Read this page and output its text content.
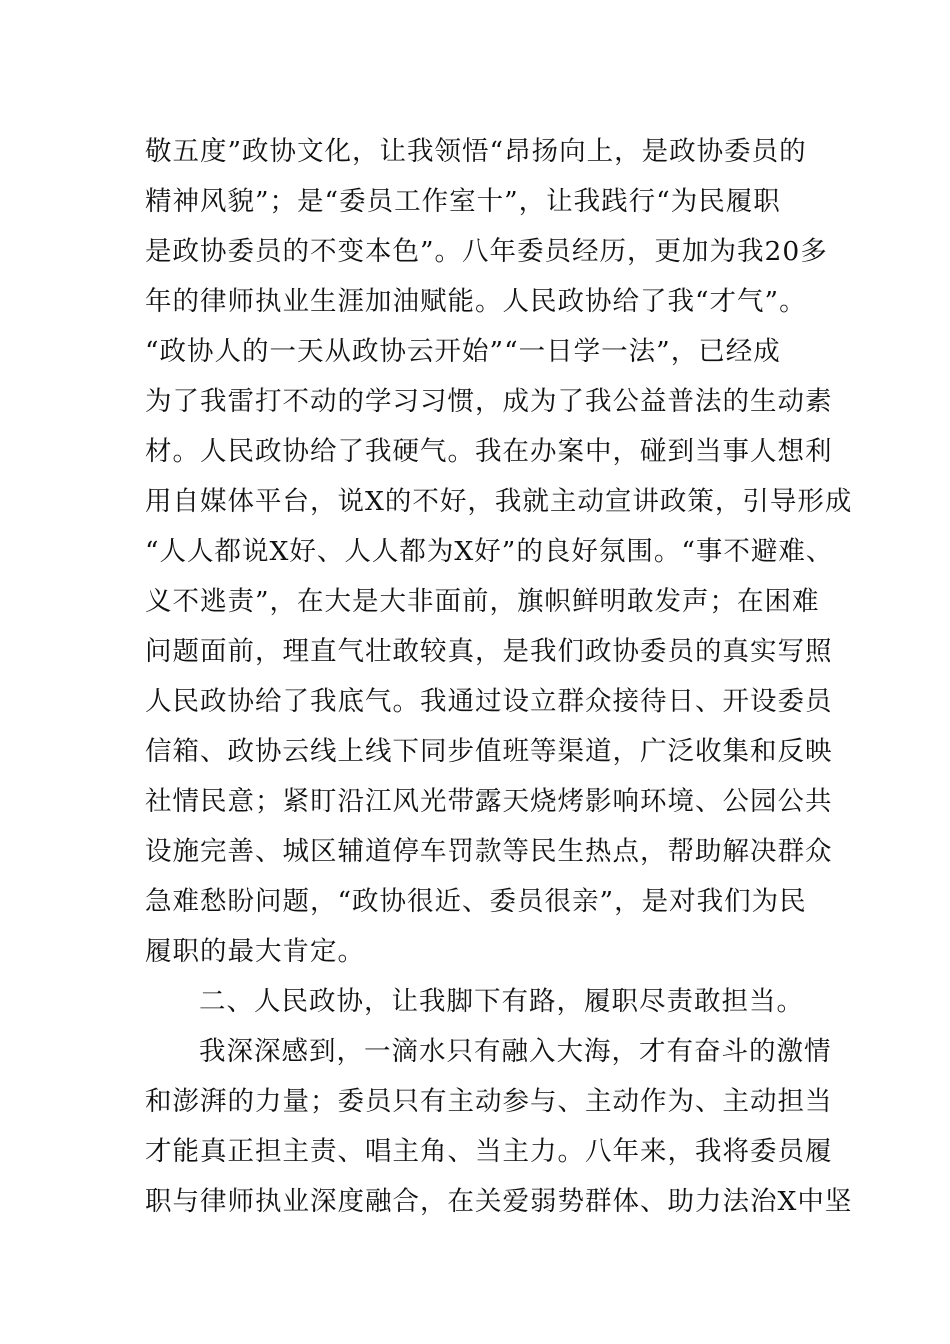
敬五度”政协文化，让我领悟“昂扬向上，是政协委员的
精神风貌”；是“委员工作室十”，让我践行“为民履职
是政协委员的不变本色”。八年委员经历，更加为我20多
年的律师执业生涯加油赋能。人民政协给了我“才气”。
“政协人的一天从政协云开始”“一日学一法”，已经成
为了我雷打不动的学习习惯，成为了我公益普法的生动素
材。人民政协给了我硬气。我在办案中，碰到当事人想利
用自媒体平台，说X的不好，我就主动宣讲政策，引导形成
“人人都说X好、人人都为X好”的良好氛围。“事不避难、
义不逃责”，在大是大非面前，旗帜鲜明敢发声；在困难
问题面前，理直气壮敢较真，是我们政协委员的真实写照
人民政协给了我底气。我通过设立群众接待日、开设委员
信箱、政协云线上线下同步值班等渠道，广泛收集和反映
社情民意；紧盯沿江风光带露天烧烤影响环境、公园公共
设施完善、城区辅道停车罚款等民生热点，帮助解决群众
急难愁盼问题，“政协很近、委员很亲”，是对我们为民
履职的最大肯定。
二、人民政协，让我脚下有路，履职尽责敢担当。
我深深感到，一滴水只有融入大海，才有奋斗的激情
和澎湃的力量；委员只有主动参与、主动作为、主动担当
才能真正担主责、唱主角、当主力。八年来，我将委员履
职与律师执业深度融合，在关爱弱势群体、助力法治X中坚
